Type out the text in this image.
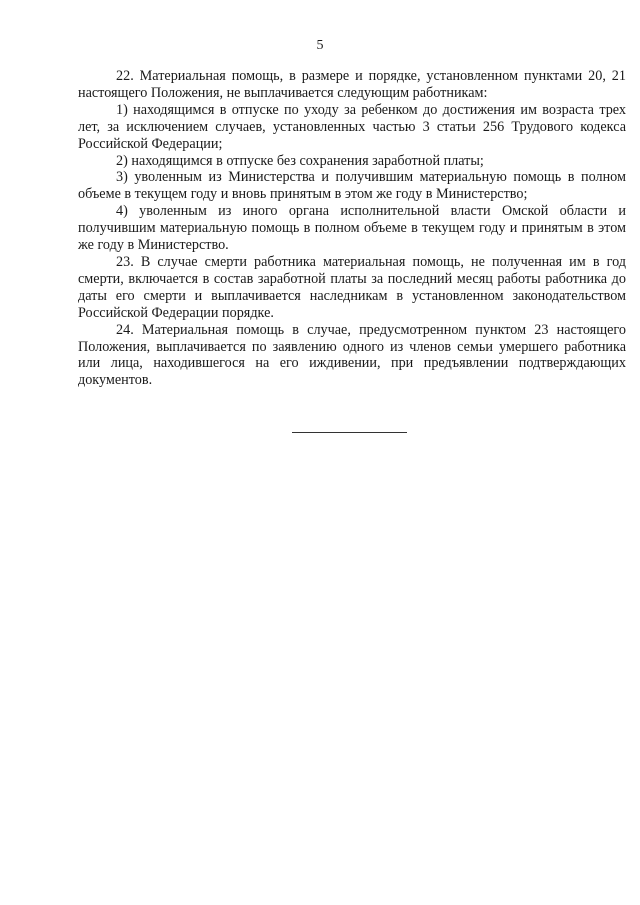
5

22. Материальная помощь, в размере и порядке, установленном пунктами 20, 21 настоящего Положения, не выплачивается следующим работникам:

1) находящимся в отпуске по уходу за ребенком до достижения им возраста трех лет, за исключением случаев, установленных частью 3 статьи 256 Трудового кодекса Российской Федерации;

2) находящимся в отпуске без сохранения заработной платы;

3) уволенным из Министерства и получившим материальную помощь в полном объеме в текущем году и вновь принятым в этом же году в Министерство;

4) уволенным из иного органа исполнительной власти Омской области и получившим материальную помощь в полном объеме в текущем году и принятым в этом же году в Министерство.

23. В случае смерти работника материальная помощь, не полученная им в год смерти, включается в состав заработной платы за последний месяц работы работника до даты его смерти и выплачивается наследникам в установленном законодательством Российской Федерации порядке.

24. Материальная помощь в случае, предусмотренном пунктом 23 настоящего Положения, выплачивается по заявлению одного из членов семьи умершего работника или лица, находившегося на его иждивении, при предъявлении подтверждающих документов.
